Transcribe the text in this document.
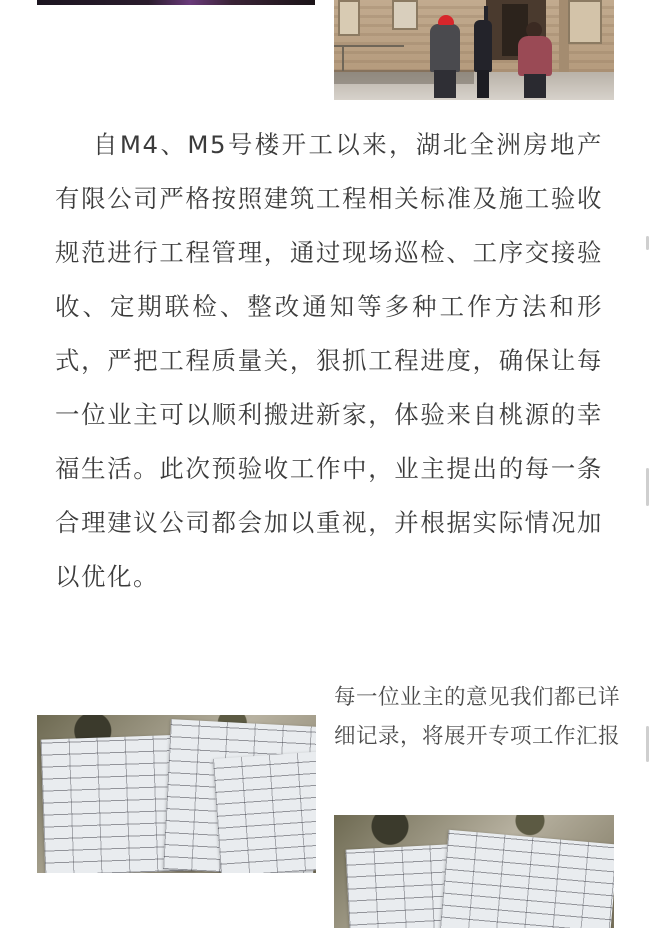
自M4、M5号楼开工以来，湖北全洲房地产有限公司严格按照建筑工程相关标准及施工验收规范进行工程管理，通过现场巡检、工序交接验收、定期联检、整改通知等多种工作方法和形式，严把工程质量关，狠抓工程进度，确保让每一位业主可以顺利搬进新家，体验来自桃源的幸福生活。此次预验收工作中，业主提出的每一条合理建议公司都会加以重视，并根据实际情况加以优化。

每一位业主的意见我们都已详细记录，将展开专项工作汇报
